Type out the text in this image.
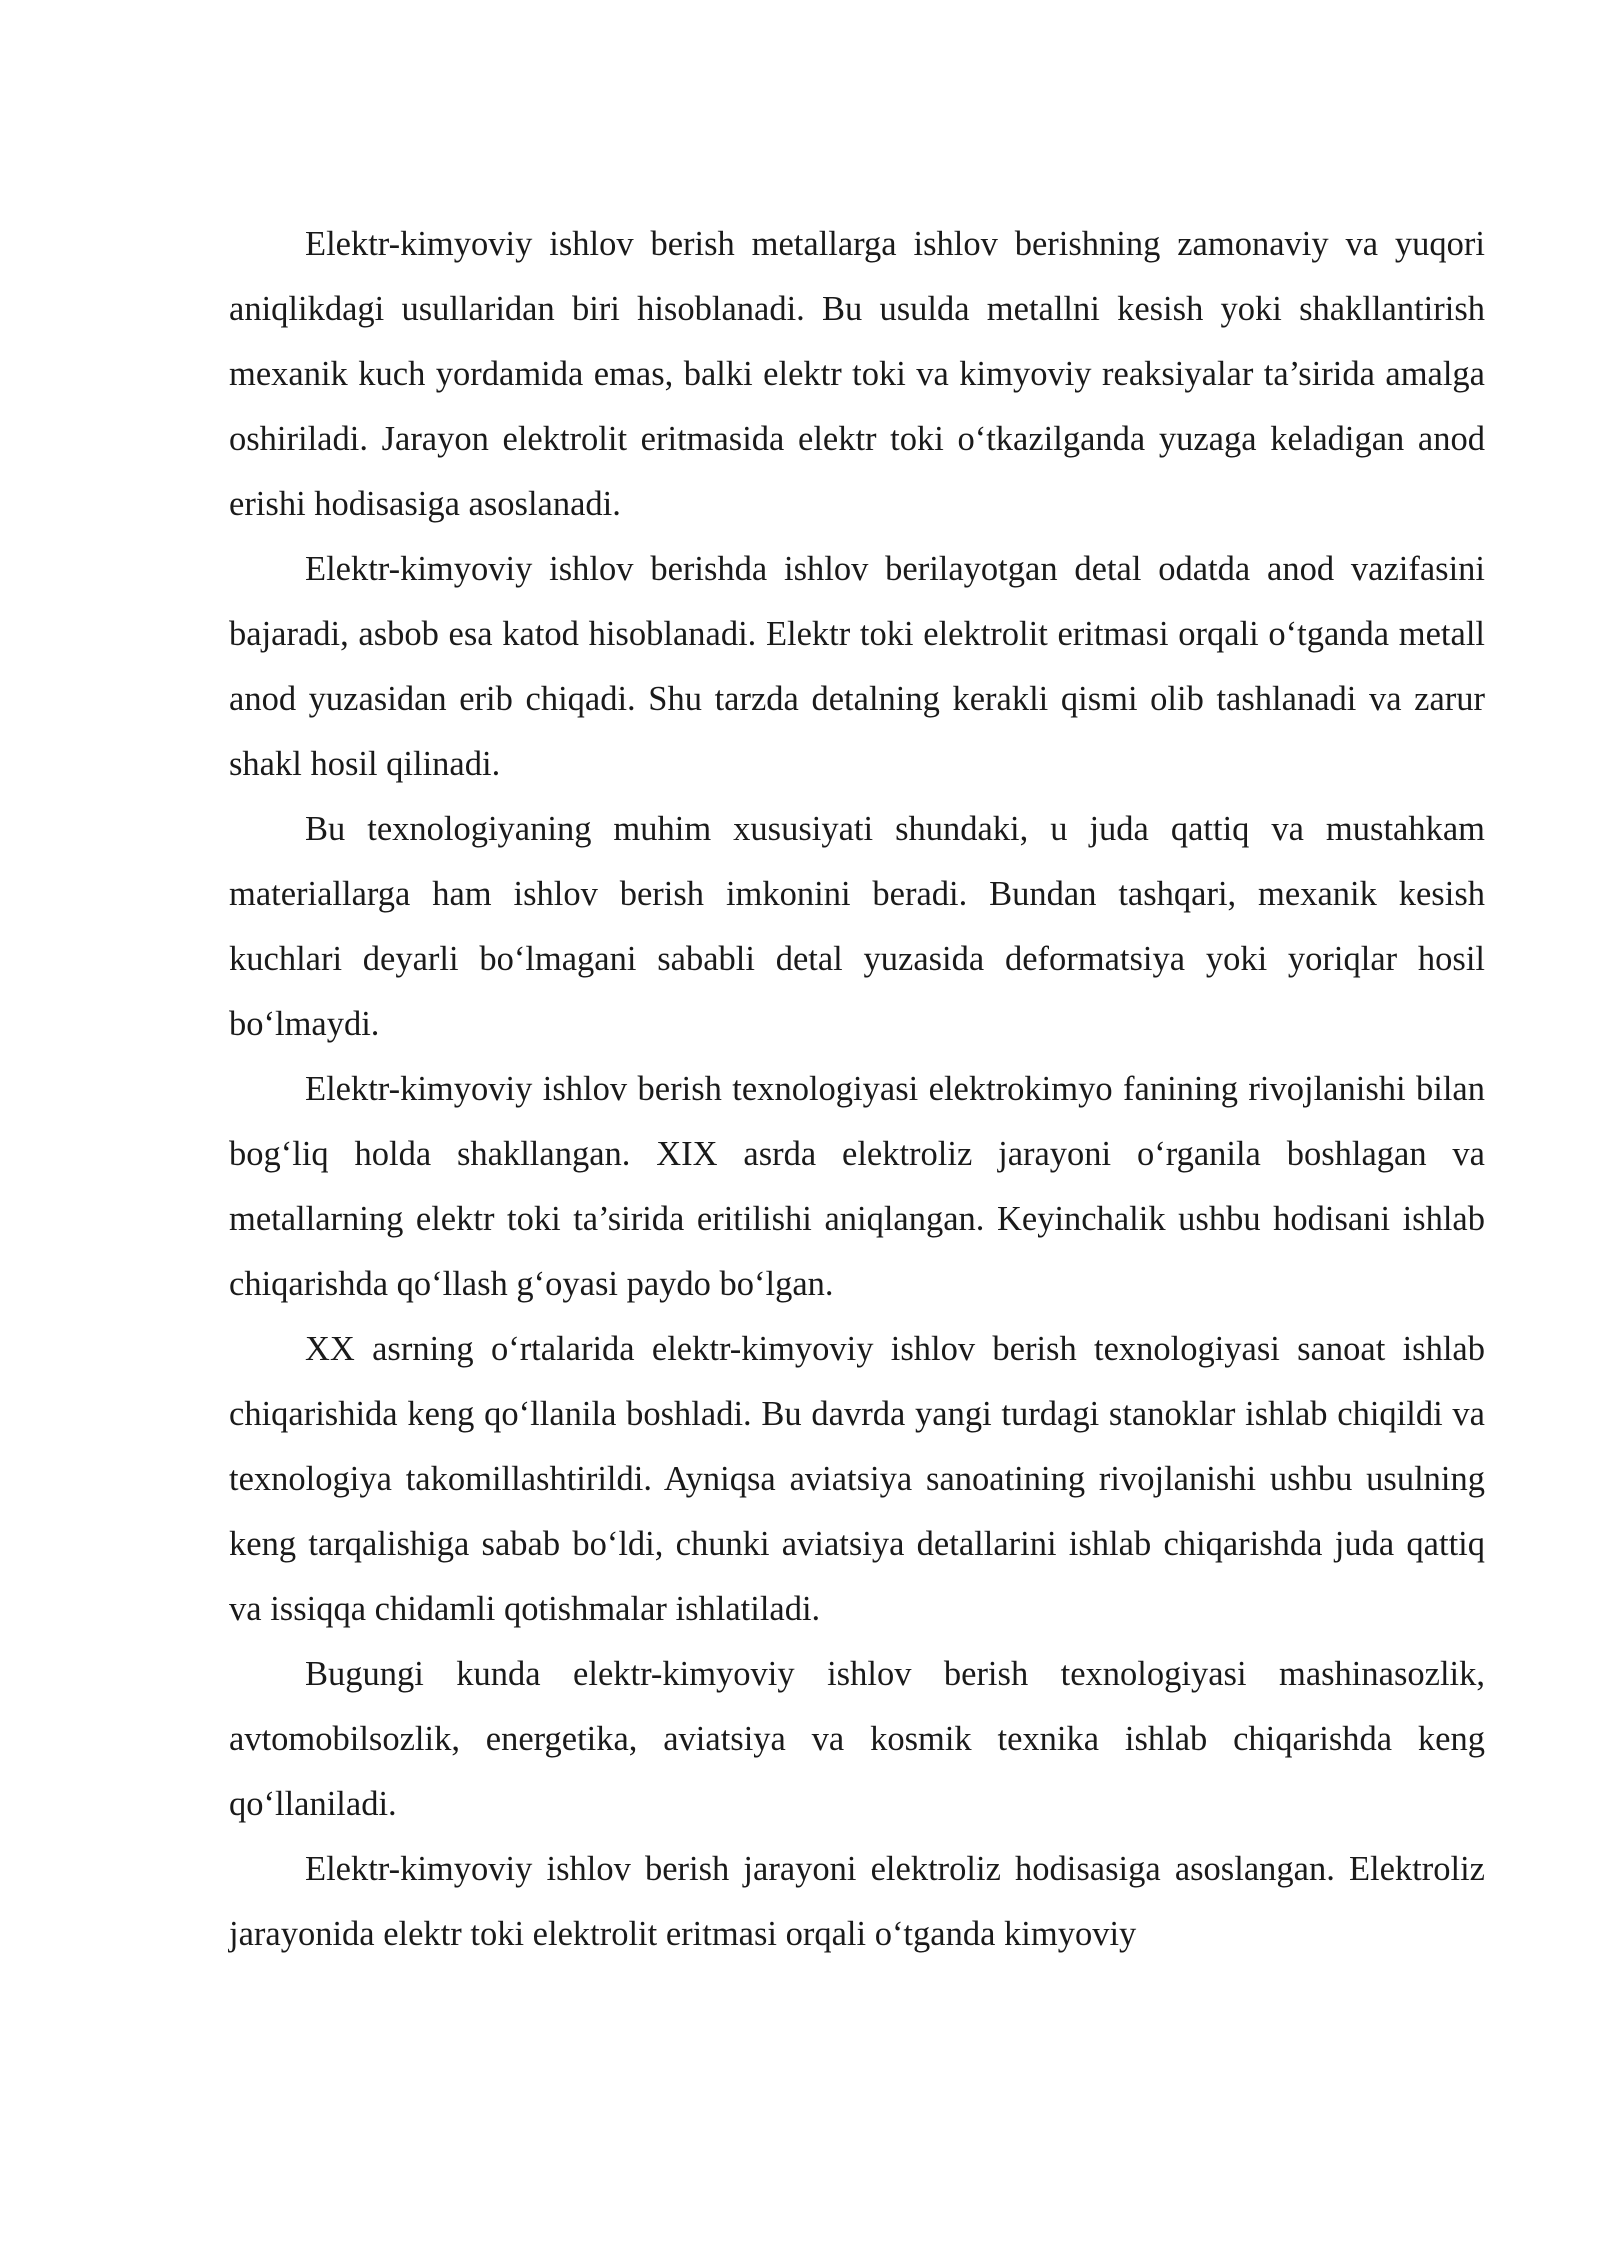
Elektr-kimyoviy ishlov berish metallarga ishlov berishning zamonaviy va yuqori aniqlikdagi usullaridan biri hisoblanadi. Bu usulda metallni kesish yoki shakllantirish mexanik kuch yordamida emas, balki elektr toki va kimyoviy reaksiyalar ta’sirida amalga oshiriladi. Jarayon elektrolit eritmasida elektr toki o‘tkazilganda yuzaga keladigan anod erishi hodisasiga asoslanadi.

Elektr-kimyoviy ishlov berishda ishlov berilayotgan detal odatda anod vazifasini bajaradi, asbob esa katod hisoblanadi. Elektr toki elektrolit eritmasi orqali o‘tganda metall anod yuzasidan erib chiqadi. Shu tarzda detalning kerakli qismi olib tashlanadi va zarur shakl hosil qilinadi.

Bu texnologiyaning muhim xususiyati shundaki, u juda qattiq va mustahkam materiallarga ham ishlov berish imkonini beradi. Bundan tashqari, mexanik kesish kuchlari deyarli bo‘lmagani sababli detal yuzasida deformatsiya yoki yoriqlar hosil bo‘lmaydi.

Elektr-kimyoviy ishlov berish texnologiyasi elektrokimyo fanining rivojlanishi bilan bog‘liq holda shakllangan. XIX asrda elektroliz jarayoni o‘rganila boshlagan va metallarning elektr toki ta’sirida eritilishi aniqlangan. Keyinchalik ushbu hodisani ishlab chiqarishda qo‘llash g‘oyasi paydo bo‘lgan.

XX asrning o‘rtalarida elektr-kimyoviy ishlov berish texnologiyasi sanoat ishlab chiqarishida keng qo‘llanila boshladi. Bu davrda yangi turdagi stanoklar ishlab chiqildi va texnologiya takomillashtirildi. Ayniqsa aviatsiya sanoatining rivojlanishi ushbu usulning keng tarqalishiga sabab bo‘ldi, chunki aviatsiya detallarini ishlab chiqarishda juda qattiq va issiqqa chidamli qotishmalar ishlatiladi.

Bugungi kunda elektr-kimyoviy ishlov berish texnologiyasi mashinasozlik, avtomobilsozlik, energetika, aviatsiya va kosmik texnika ishlab chiqarishda keng qo‘llaniladi.

Elektr-kimyoviy ishlov berish jarayoni elektroliz hodisasiga asoslangan. Elektroliz jarayonida elektr toki elektrolit eritmasi orqali o‘tganda kimyoviy
